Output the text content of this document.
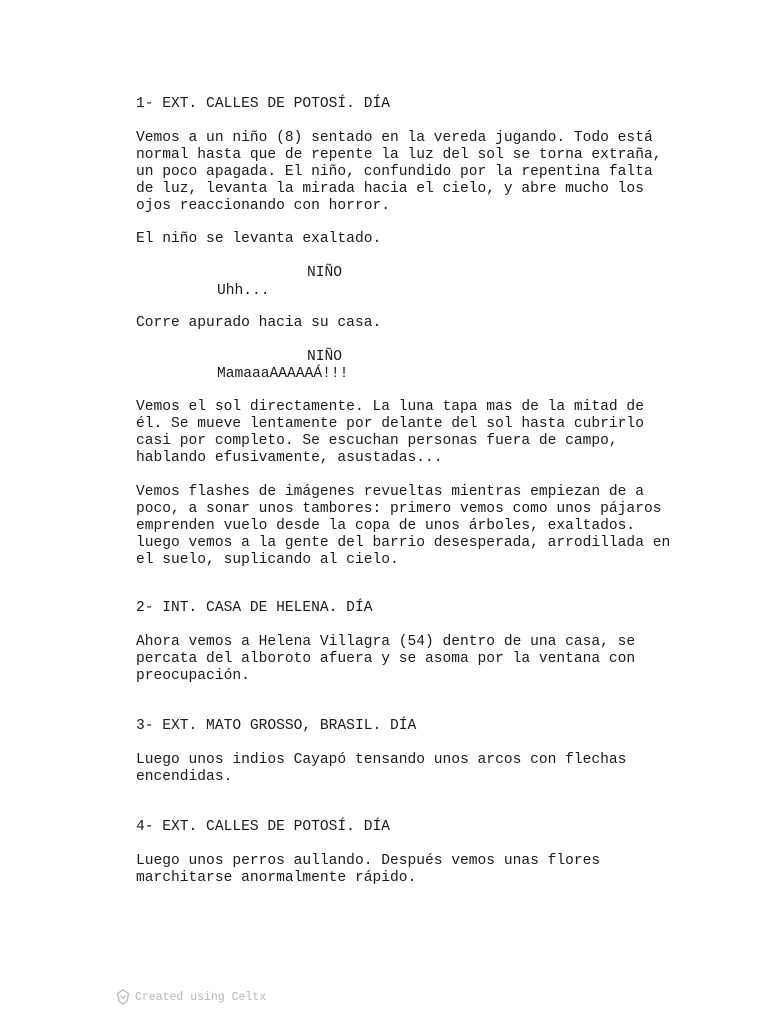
1- EXT. CALLES DE POTOSÍ. DÍA

Vemos a un niño (8) sentado en la vereda jugando. Todo está
normal hasta que de repente la luz del sol se torna extraña,
un poco apagada. El niño, confundido por la repentina falta
de luz, levanta la mirada hacia el cielo, y abre mucho los
ojos reaccionando con horror.

El niño se levanta exaltado.

NIÑO

Uhh...

Corre apurado hacia su casa.

NIÑO

MamaaaAAAAAÁ!!!

Vemos el sol directamente. La luna tapa mas de la mitad de
él. Se mueve lentamente por delante del sol hasta cubrirlo
casi por completo. Se escuchan personas fuera de campo,
hablando efusivamente, asustadas...

Vemos flashes de imágenes revueltas mientras empiezan de a
poco, a sonar unos tambores: primero vemos como unos pájaros
emprenden vuelo desde la copa de unos árboles, exaltados.
luego vemos a la gente del barrio desesperada, arrodillada en
el suelo, suplicando al cielo.

2- INT. CASA DE HELENA. DÍA

Ahora vemos a Helena Villagra (54) dentro de una casa, se
percata del alboroto afuera y se asoma por la ventana con
preocupación.

3- EXT. MATO GROSSO, BRASIL. DÍA

Luego unos indios Cayapó tensando unos arcos con flechas
encendidas.

4- EXT. CALLES DE POTOSÍ. DÍA

Luego unos perros aullando. Después vemos unas flores
marchitarse anormalmente rápido.

Created using Celtx
